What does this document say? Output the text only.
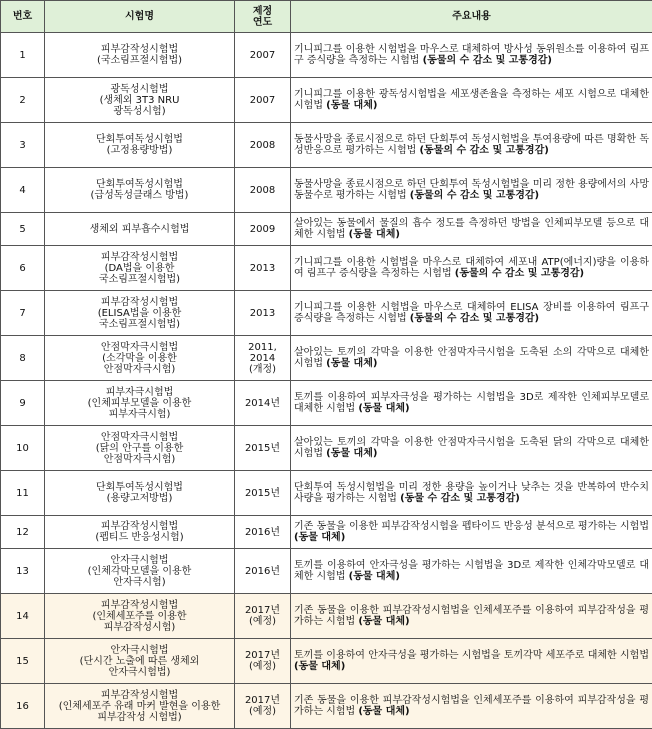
번호	시험명	제정
연도	주요내용
1	피부감작성시험법
(국소림프절시험법)	2007	기니피그를 이용한 시험법을 마우스로 대체하여 방사성 동위원소를 이용하여 림프구 증식량을 측정하는 시험법 (동물의 수 감소 및 고통경감)
2	광독성시험법
(생체외 3T3 NRU
광독성시험)	2007	기니피그를 이용한 광독성시험법을 세포생존율을 측정하는 세포 시험으로 대체한 시험법 (동물 대체)
3	단회투여독성시험법
(고정용량방법)	2008	동물사망을 종료시점으로 하던 단회투여 독성시험법을 투여용량에 따른 명확한 독성반응으로 평가하는 시험법 (동물의 수 감소 및 고통경감)
4	단회투여독성시험법
(급성독성클래스 방법)	2008	동물사망을 종료시점으로 하던 단회투여 독성시험법을 미리 정한 용량에서의 사망동물수로 평가하는 시험법 (동물의 수 감소 및 고통경감)
5	생체외 피부흡수시험법	2009	살아있는 동물에서 물질의 흡수 정도를 측정하던 방법을 인체피부모델 등으로 대체한 시험법 (동물 대체)
6	피부감작성시험법
(DA법을 이용한
국소림프절시험법)	2013	기니피그를 이용한 시험법을 마우스로 대체하여 세포내 ATP(에너지)량을 이용하여 림프구 증식량을 측정하는 시험법 (동물의 수 감소 및 고통경감)
7	피부감작성시험법
(ELISA법을 이용한
국소림프절시험법)	2013	기니피그를 이용한 시험법을 마우스로 대체하여 ELISA 장비를 이용하여 림프구 증식량을 측정하는 시험법 (동물의 수 감소 및 고통경감)
8	안점막자극시험법
(소각막을 이용한
안점막자극시험)	2011,
2014
(개정)	살아있는 토끼의 각막을 이용한 안점막자극시험을 도축된 소의 각막으로 대체한 시험법 (동물 대체)
9	피부자극시험법
(인체피부모델을 이용한
피부자극시험)	2014년	토끼를 이용하여 피부자극성을 평가하는 시험법을 3D로 제작한 인체피부모델로 대체한 시험법 (동물 대체)
10	안점막자극시험법
(닭의 안구를 이용한
안점막자극시험)	2015년	살아있는 토끼의 각막을 이용한 안점막자극시험을 도축된 닭의 각막으로 대체한 시험법 (동물 대체)
11	단회투여독성시험법
(용량고저방법)	2015년	단회투여 독성시험법을 미리 정한 용량을 높이거나 낮추는 것을 반복하여 반수치사량을 평가하는 시험법 (동물 수 감소 및 고통경감)
12	피부감작성시험법
(펩티드 반응성시험)	2016년	기존 동물을 이용한 피부감작성시험을 펩타이드 반응성 분석으로 평가하는 시험법 (동물 대체)
13	안자극시험법
(인체각막모델을 이용한
안자극시험)	2016년	토끼를 이용하여 안자극성을 평가하는 시험법을 3D로 제작한 인체각막모델로 대체한 시험법 (동물 대체)
14	피부감작성시험법
(인체세포주를 이용한
피부감작성시험)	2017년
(예정)	기존 동물을 이용한 피부감작성시험법을 인체세포주를 이용하여 피부감작성을 평가하는 시험법 (동물 대체)
15	안자극시험법
(단시간 노출에 따른 생체외
안자극시험법)	2017년
(예정)	토끼를 이용하여 안자극성을 평가하는 시험법을 토끼각막 세포주로 대체한 시험법 (동물 대체)
16	피부감작성시험법
(인체세포주 유래 마커 발현을 이용한
피부감작성 시험법)	2017년
(예정)	기존 동물을 이용한 피부감작성시험법을 인체세포주를 이용하여 피부감작성을 평가하는 시험법 (동물 대체)
